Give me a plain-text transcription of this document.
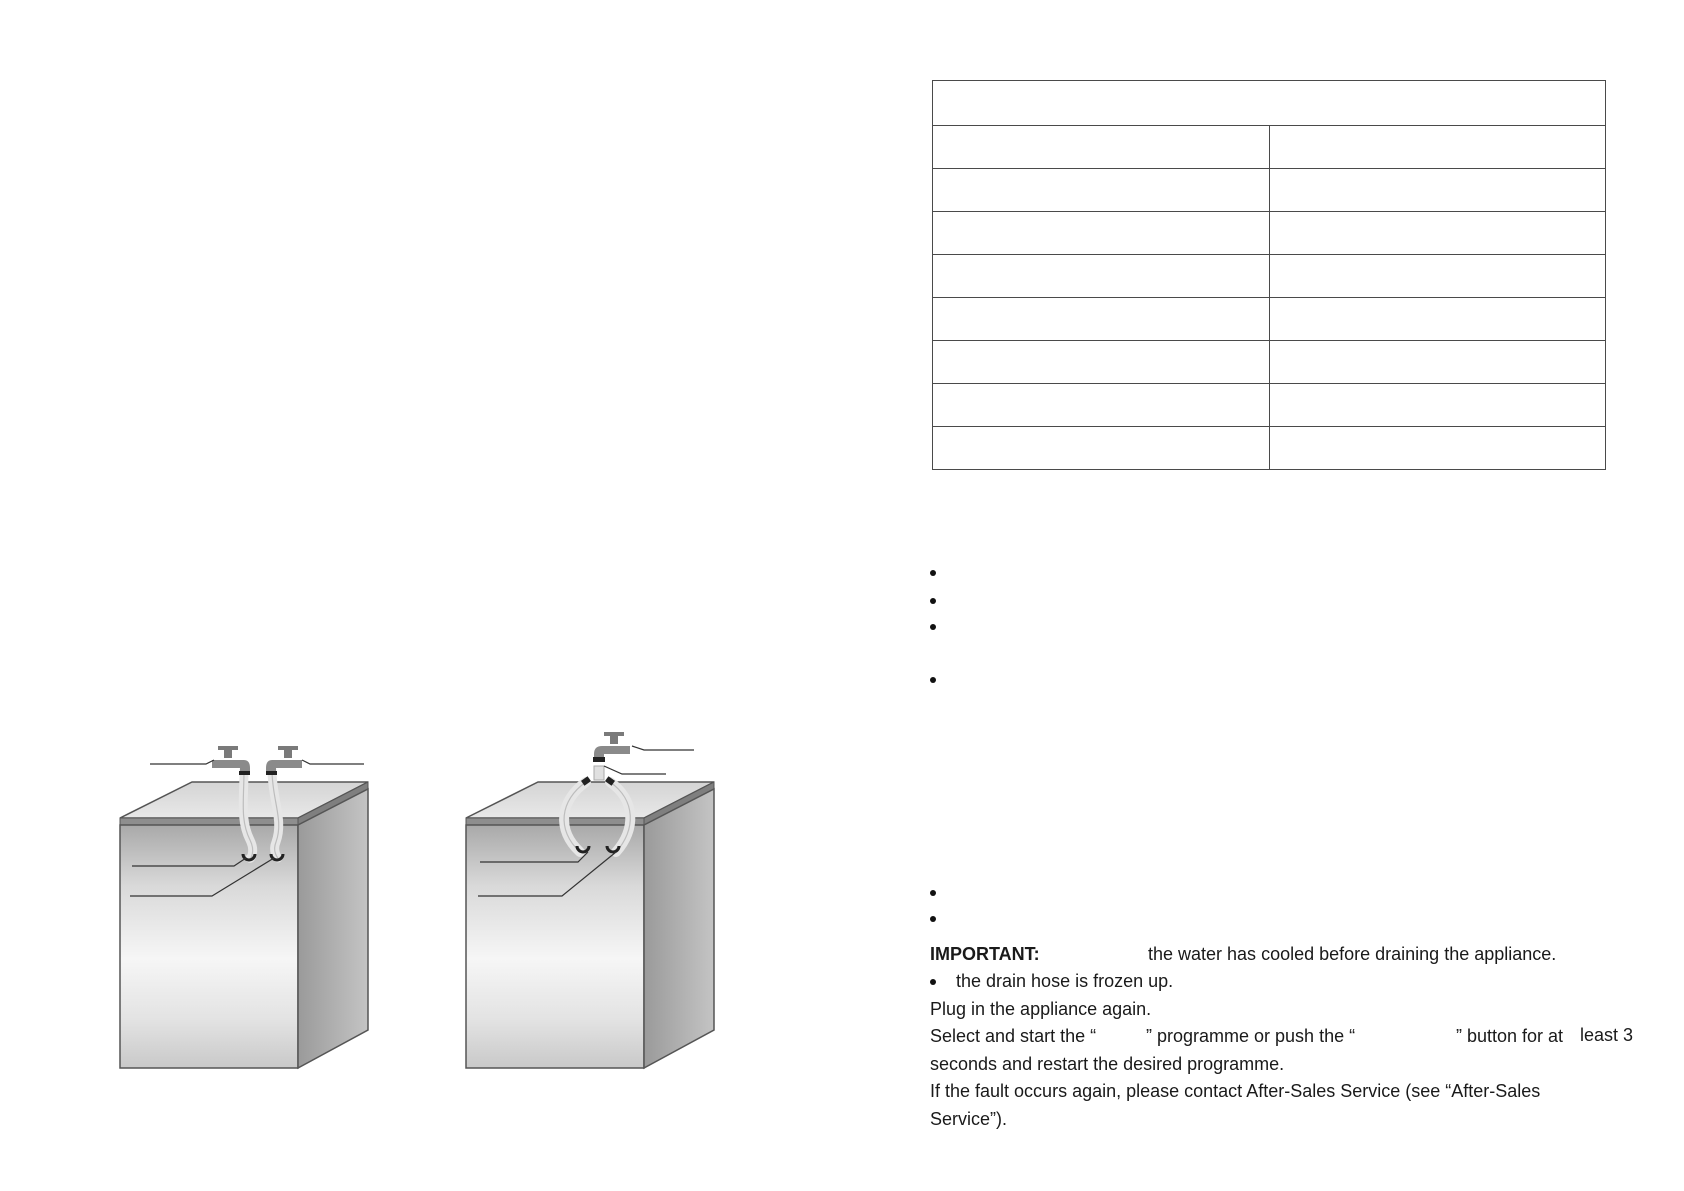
IMPORTANT:	the water has cooled before draining the appliance.
the drain hose is frozen up.
Plug in the appliance again.
Select and start the “	” programme or push the “	” button for at least 3
seconds and restart the desired programme.
If the fault occurs again, please contact After-Sales Service (see “After-Sales
Service”).
